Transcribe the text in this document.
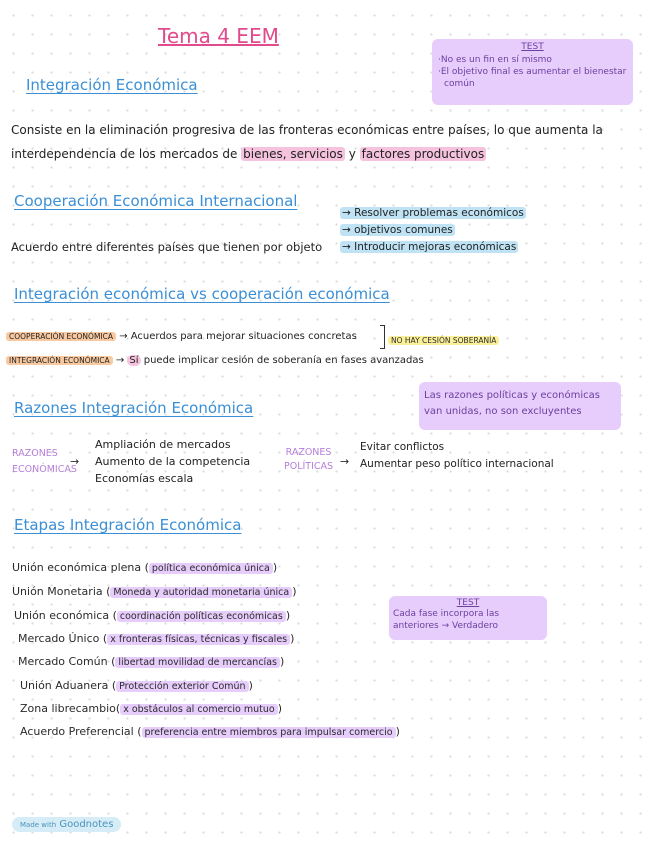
Tema 4 EEM	TEST
·No es un fin en sí mismo
·El objetivo final es aumentar el bienestar
común
Integración Económica
Consiste en la eliminación progresiva de las fronteras económicas entre países, lo que aumenta la
interdependencia de los mercados de bienes, servicios y factores productivos
Cooperación Económica Internacional
→ Resolver problemas económicos
→ objetivos comunes
→ Introducir mejoras económicas
Acuerdo entre diferentes países que tienen por objeto
Integración económica vs cooperación económica
COOPERACIÓN ECONÓMICA → Acuerdos para mejorar situaciones concretas	NO HAY CESIÓN SOBERANÍA
INTEGRACIÓN ECONÓMICA → Sí puede implicar cesión de soberanía en fases avanzadas
Razones Integración Económica
Las razones políticas y económicas
van unidas, no son excluyentes
RAZONES
ECONÓMICAS
→
Ampliación de mercados
Aumento de la competencia
Economías escala
RAZONES
POLÍTICAS →
Evitar conflictos
Aumentar peso político internacional
Etapas Integración Económica
Unión económica plena ( política económica única )
Unión Monetaria ( Moneda y autoridad monetaria única )
Unión económica ( coordinación políticas económicas )
Mercado Único ( x fronteras físicas, técnicas y fiscales )
Mercado Común ( libertad movilidad de mercancías )
Unión Aduanera ( Protección exterior Común )
Zona librecambio( x obstáculos al comercio mutuo )
Acuerdo Preferencial ( preferencia entre miembros para impulsar comercio )
TEST
Cada fase incorpora las
anteriores → Verdadero
Made with Goodnotes
